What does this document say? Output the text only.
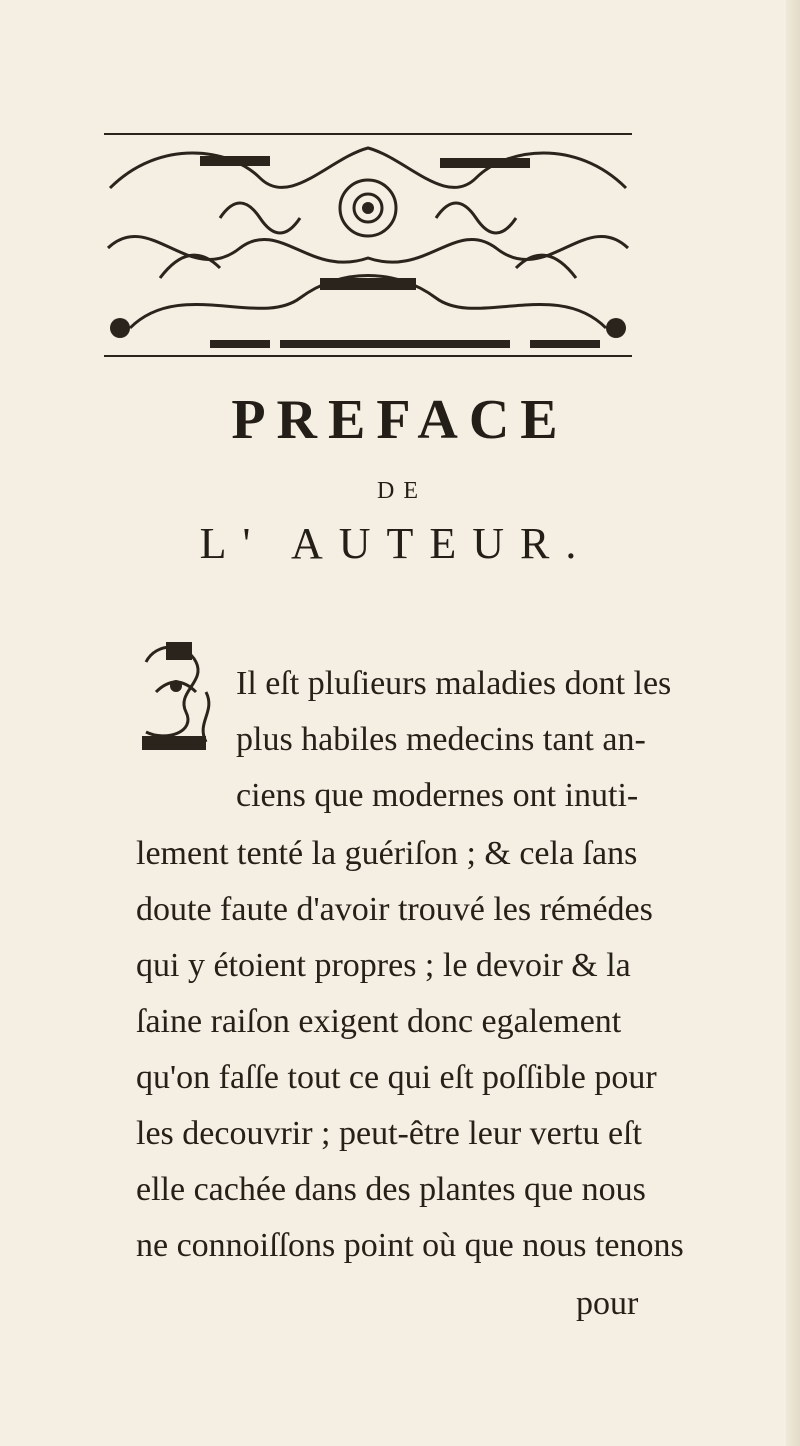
PREFACE
DE
L' AUTEUR.
Il eſt pluſieurs maladies dont les
plus habiles medecins tant an-
ciens que modernes ont inuti-
lement tenté la guériſon ; & cela ſans
doute faute d'avoir trouvé les rémédes
qui y étoient propres ; le devoir & la
ſaine raiſon exigent donc egalement
qu'on faſſe tout ce qui eſt poſſible pour
les decouvrir ; peut-être leur vertu eſt
elle cachée dans des plantes que nous
ne connoiſſons point où que nous tenons
pour
